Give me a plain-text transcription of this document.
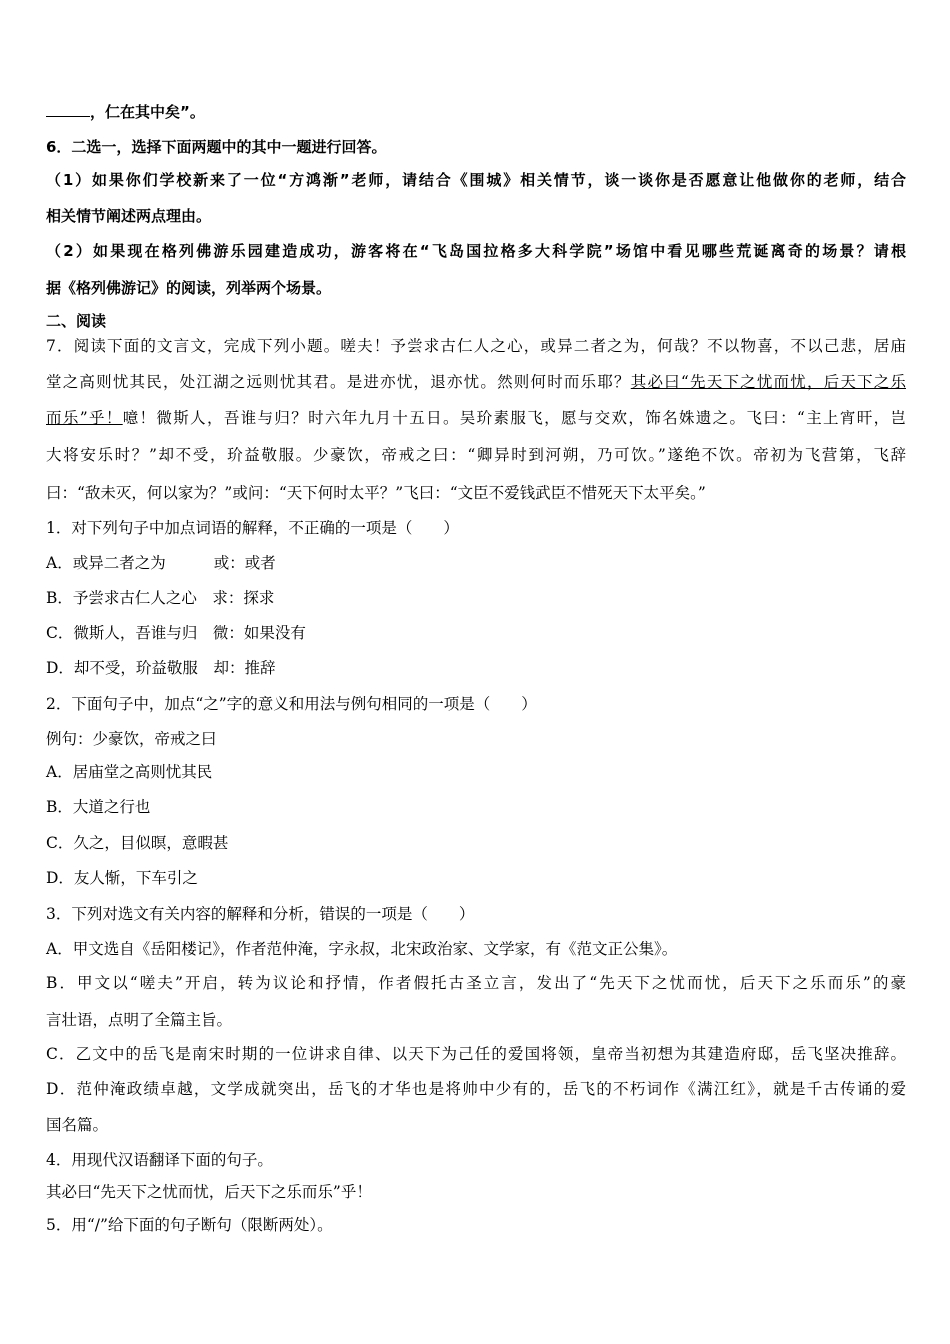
，仁在其中矣”。
6．二选一，选择下面两题中的其中一题进行回答。
（1）如果你们学校新来了一位“方鸿渐”老师，请结合《围城》相关情节，谈一谈你是否愿意让他做你的老师，结合
相关情节阐述两点理由。
（2）如果现在格列佛游乐园建造成功，游客将在“飞岛国拉格多大科学院”场馆中看见哪些荒诞离奇的场景？请根
据《格列佛游记》的阅读，列举两个场景。
二、阅读
7．阅读下面的文言文，完成下列小题。嗟夫！予尝求古仁人之心，或异二者之为，何哉？不以物喜，不以己悲，居庙
堂之高则忧其民，处江湖之远则忧其君。是进亦忧，退亦忧。然则何时而乐耶？其必曰“先天下之忧而忧，后天下之乐
而乐”乎！噫！微斯人，吾谁与归？时六年九月十五日。吴玠素服飞，愿与交欢，饰名姝遗之。飞曰：“主上宵旰，岂
大将安乐时？”却不受，玠益敬服。少豪饮，帝戒之曰：“卿异时到河朔，乃可饮。”遂绝不饮。帝初为飞营第，飞辞
曰：“敌未灭，何以家为？”或问：“天下何时太平？”飞曰：“文臣不爱钱武臣不惜死天下太平矣。”
1．对下列句子中加点词语的解释，不正确的一项是（　　）
A．或异二者之为	或：或者
B．予尝求古仁人之心　 求：探求
C．微斯人，吾谁与归　 微：如果没有
D．却不受，玠益敬服　 却：推辞
2．下面句子中，加点“之”字的意义和用法与例句相同的一项是（　　）
例句：少豪饮，帝戒之曰
A．居庙堂之高则忧其民
B．大道之行也
C．久之，目似暝，意暇甚
D．友人惭，下车引之
3．下列对选文有关内容的解释和分析，错误的一项是（　　）
A．甲文选自《岳阳楼记》，作者范仲淹，字永叔，北宋政治家、文学家，有《范文正公集》。
B．甲文以“嗟夫”开启，转为议论和抒情，作者假托古圣立言，发出了“先天下之忧而忧，后天下之乐而乐”的豪
言壮语，点明了全篇主旨。
C．乙文中的岳飞是南宋时期的一位讲求自律、以天下为己任的爱国将领，皇帝当初想为其建造府邸，岳飞坚决推辞。
D．范仲淹政绩卓越，文学成就突出，岳飞的才华也是将帅中少有的，岳飞的不朽词作《满江红》，就是千古传诵的爱
国名篇。
4．用现代汉语翻译下面的句子。
其必曰“先天下之忧而忧，后天下之乐而乐”乎！
5．用“/”给下面的句子断句（限断两处）。
